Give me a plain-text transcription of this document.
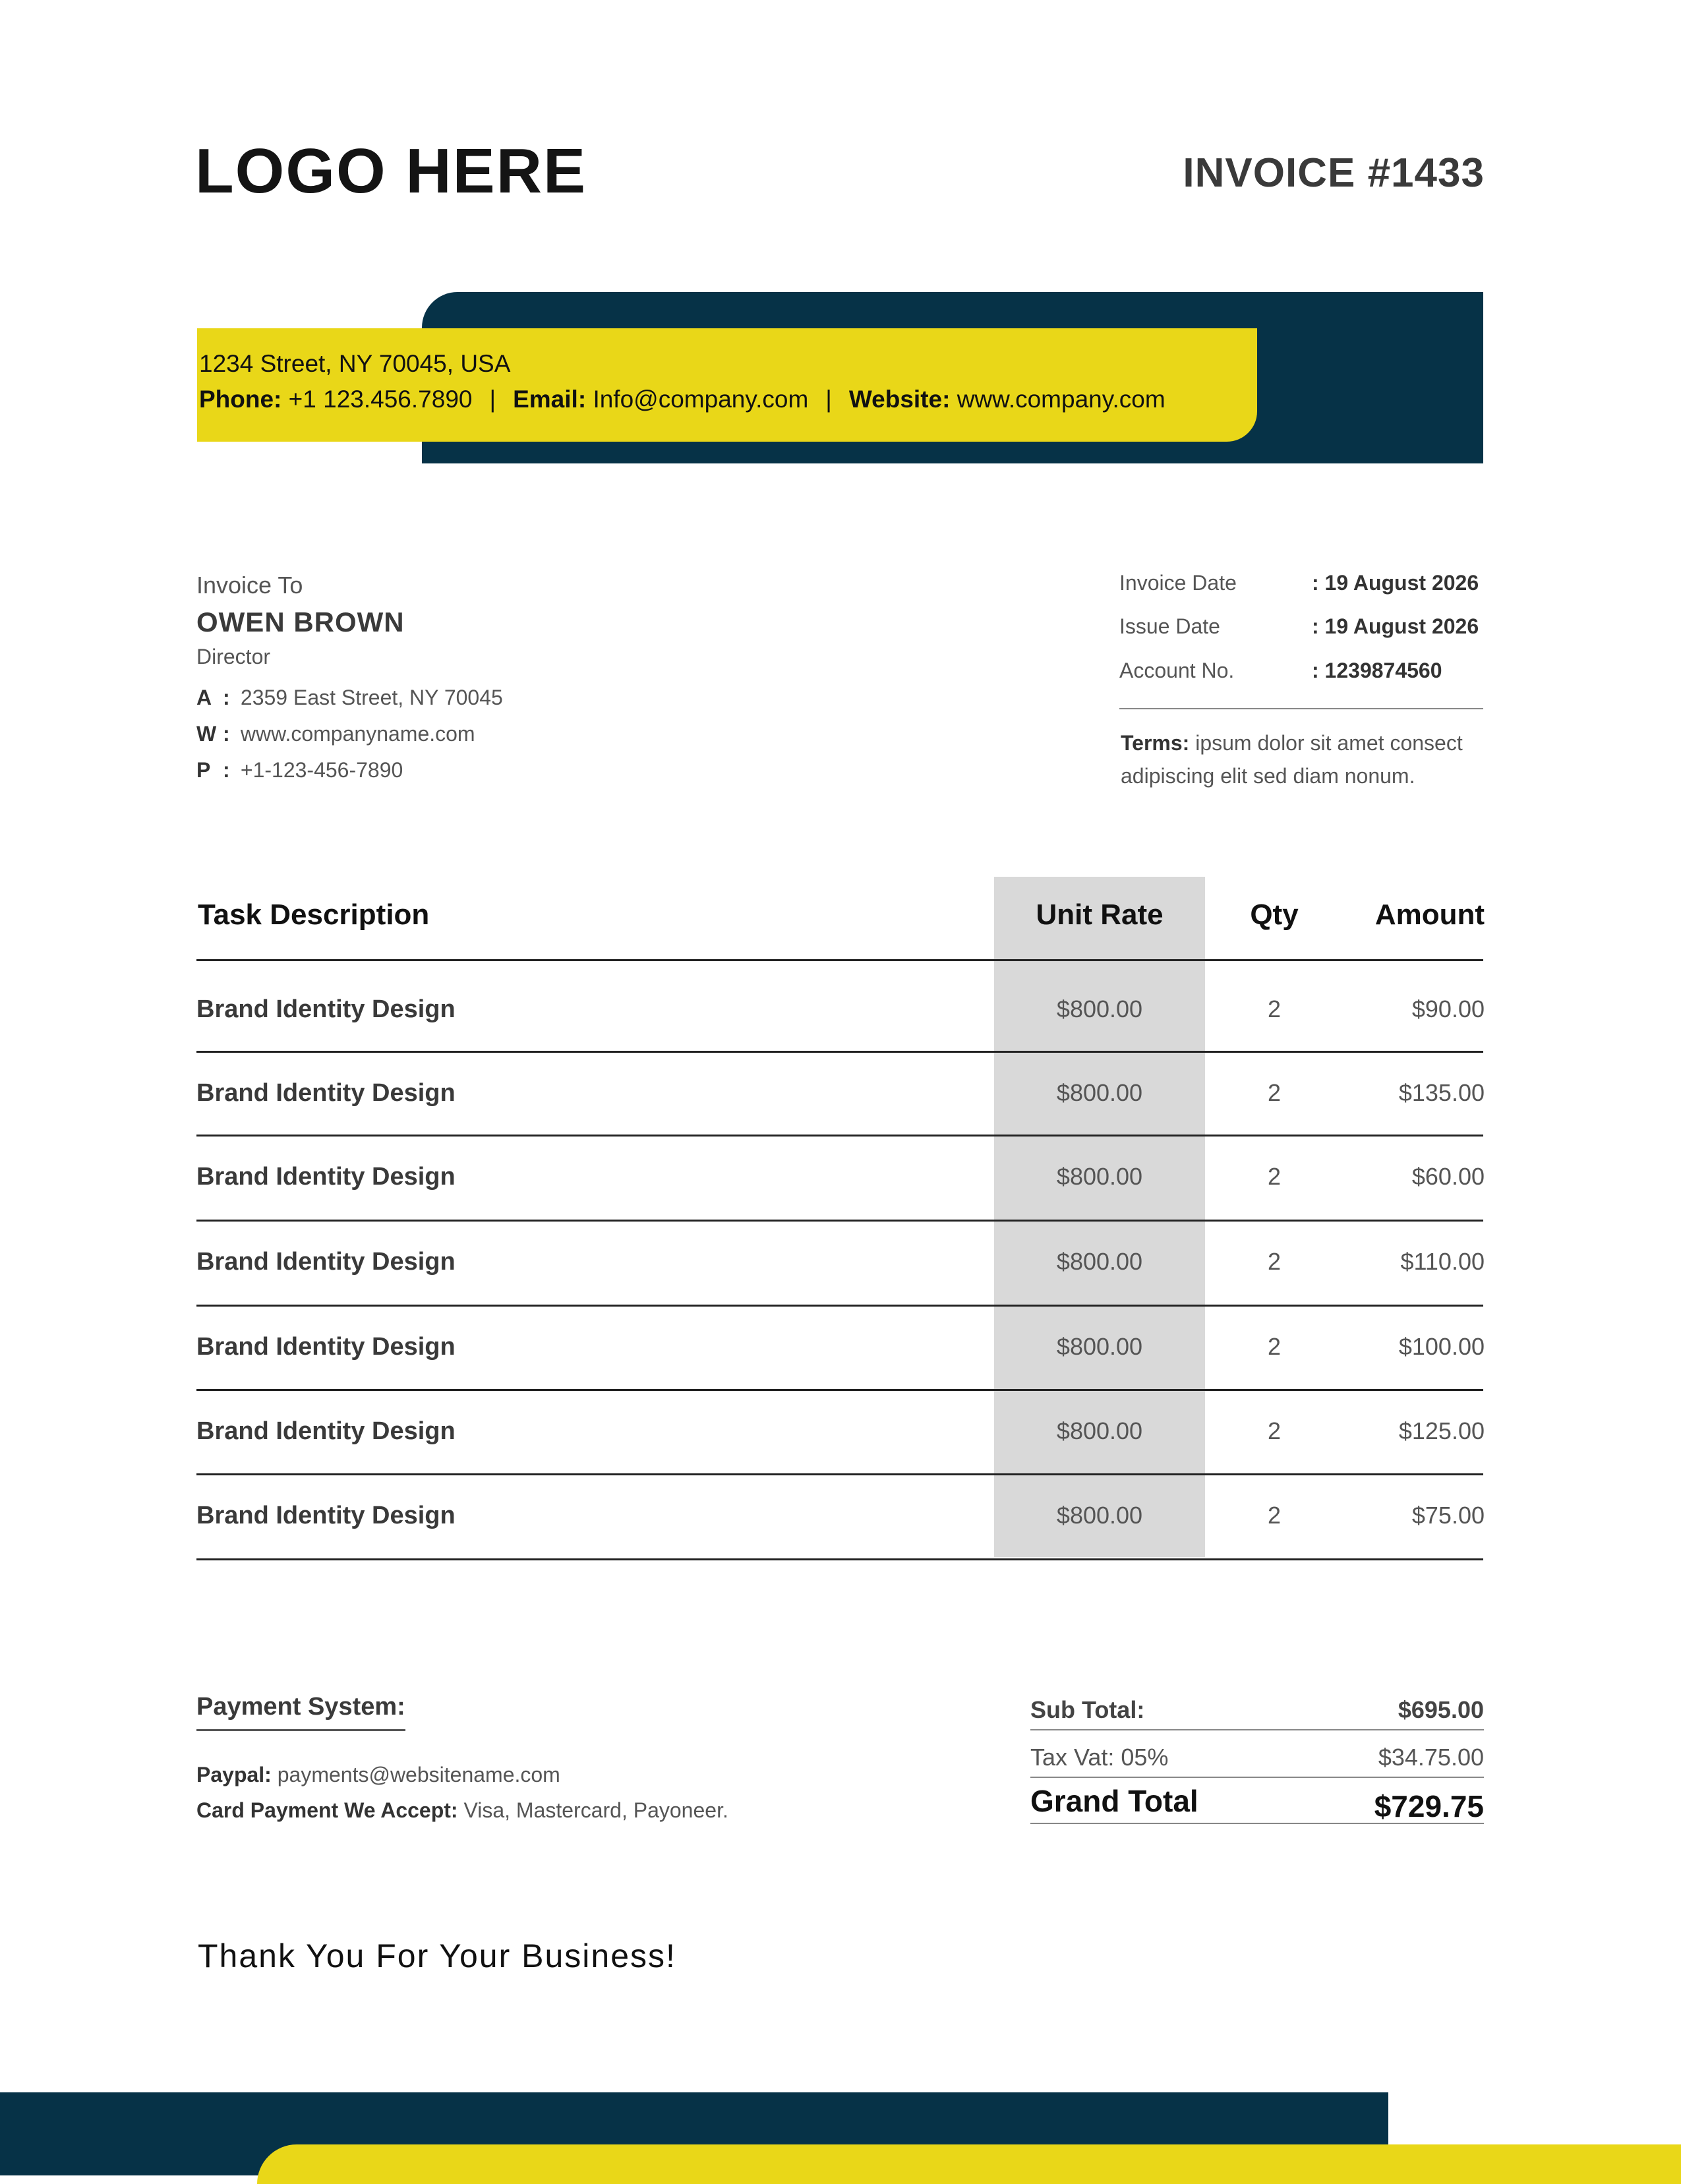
LOGO HERE	INVOICE #1433
1234 Street, NY 70045, USA
Phone: +1 123.456.7890 | Email: Info@company.com | Website: www.company.com
Invoice To
OWEN BROWN
Director
A : 2359 East Street, NY 70045
W : www.companyname.com
P : +1-123-456-7890
Invoice Date	: 19 August 2026
Issue Date	: 19 August 2026
Account No.	: 1239874560
Terms: ipsum dolor sit amet consect adipiscing elit sed diam nonum.
Task Description	Unit Rate	Qty	Amount
Brand Identity Design	$800.00	2	$90.00
Brand Identity Design	$800.00	2	$135.00
Brand Identity Design	$800.00	2	$60.00
Brand Identity Design	$800.00	2	$110.00
Brand Identity Design	$800.00	2	$100.00
Brand Identity Design	$800.00	2	$125.00
Brand Identity Design	$800.00	2	$75.00
Payment System:
Paypal: payments@websitename.com
Card Payment We Accept: Visa, Mastercard, Payoneer.
Sub Total:	$695.00
Tax Vat: 05%	$34.75.00
Grand Total	$729.75
Thank You For Your Business!
